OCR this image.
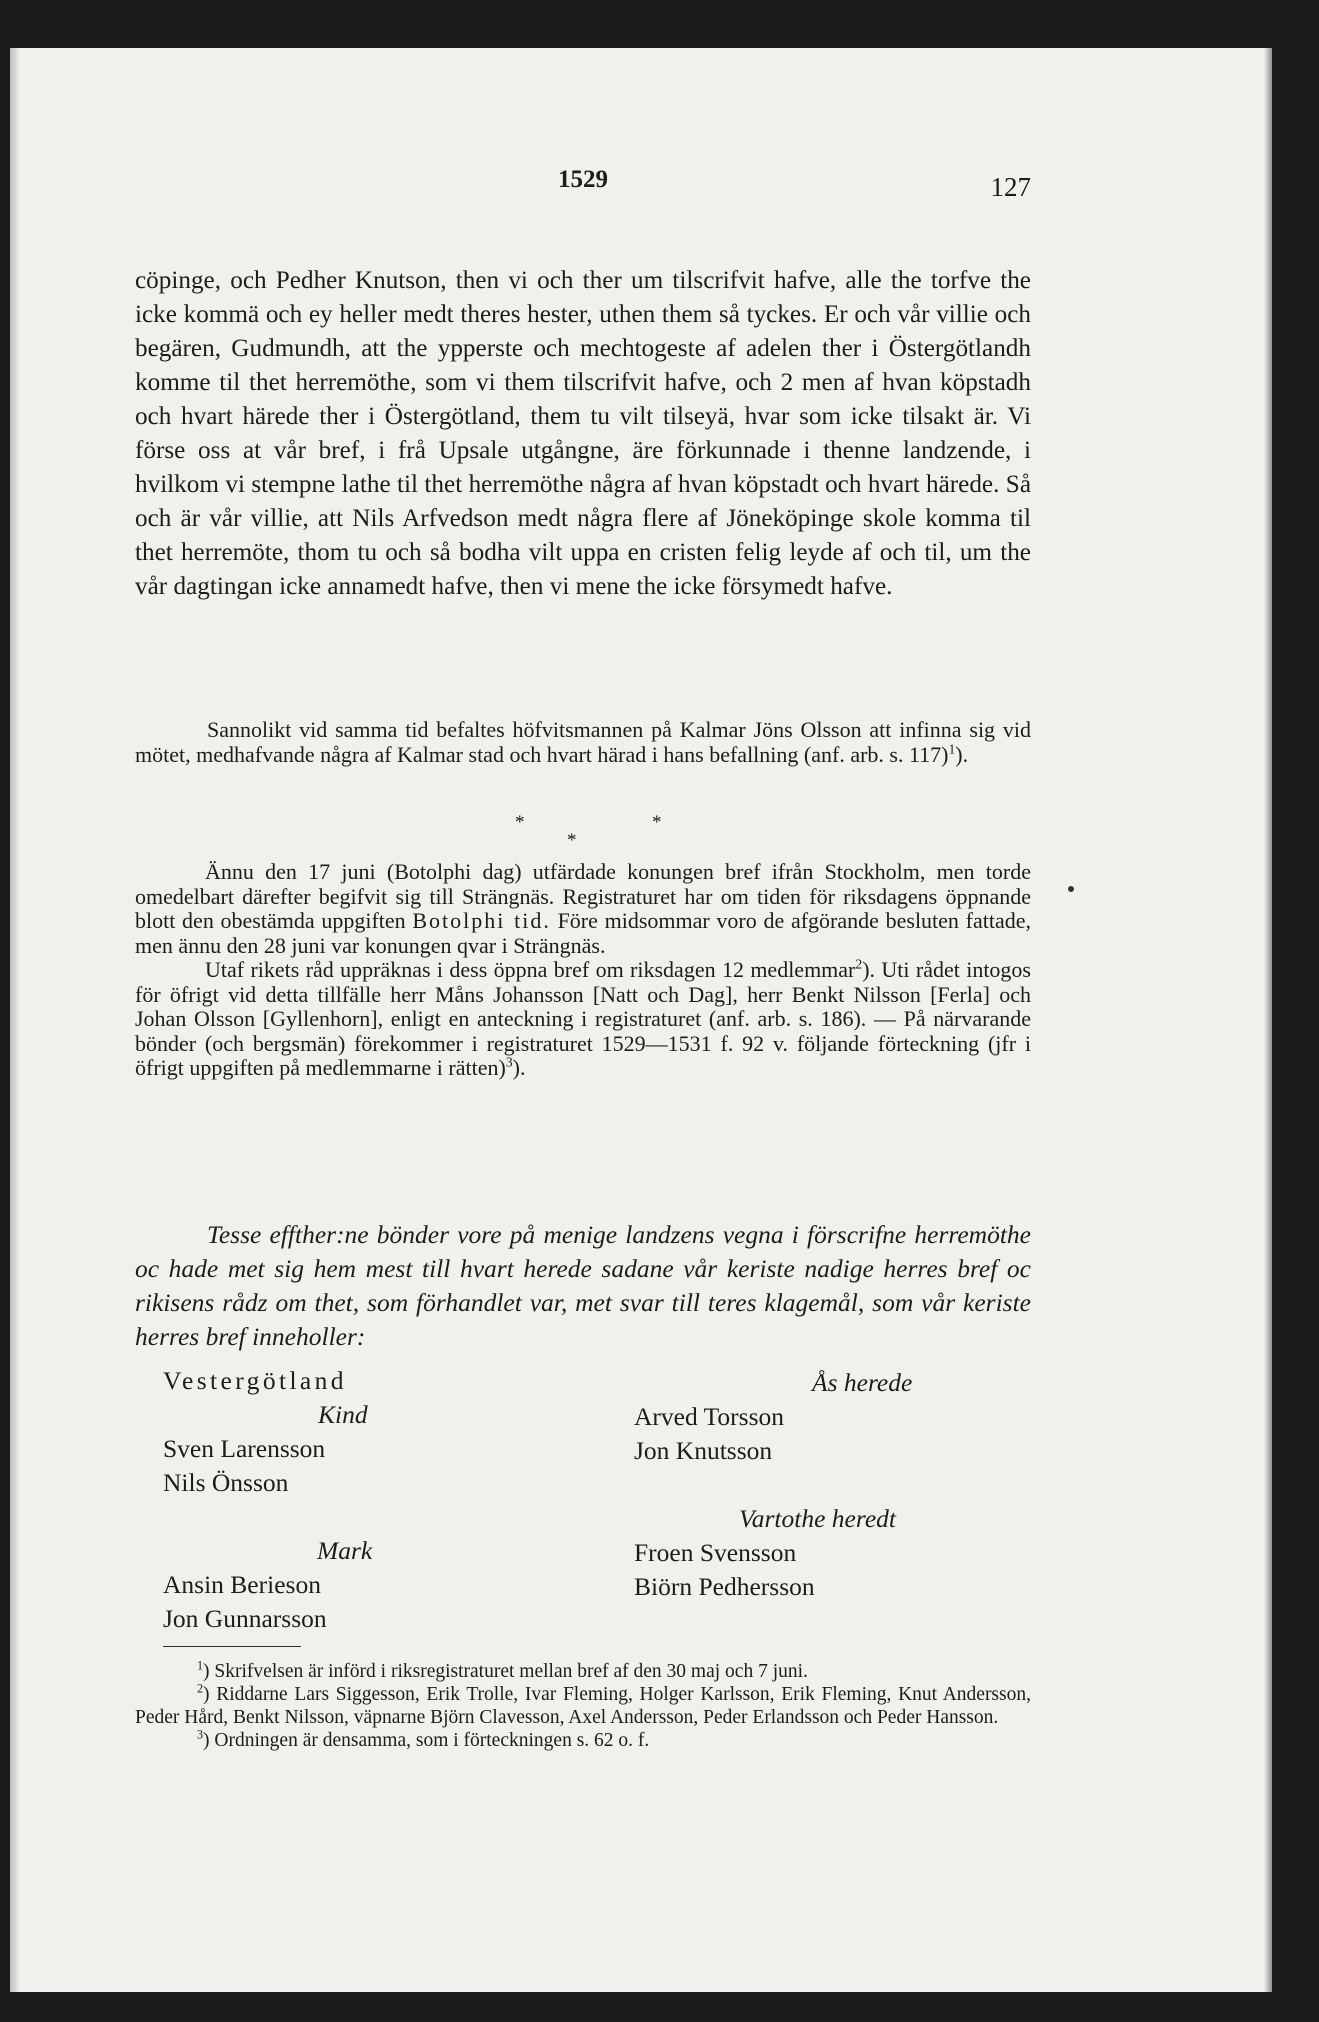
1529	127

cöpinge, och Pedher Knutson, then vi och ther um tilscrifvit hafve, alle the torfve the icke kommä och ey heller medt theres hester, uthen them så tyckes. Er och vår villie och begären, Gudmundh, att the ypperste och mechtogeste af adelen ther i Östergötlandh komme til thet herremöthe, som vi them tilscrifvit hafve, och 2 men af hvan köpstadh och hvart härede ther i Östergötland, them tu vilt tilseyä, hvar som icke tilsakt är. Vi förse oss at vår bref, i frå Upsale utgångne, äre förkunnade i thenne landzende, i hvilkom vi stempne lathe til thet herremöthe några af hvan köpstadt och hvart härede. Så och är vår villie, att Nils Arfvedson medt några flere af Jöneköpinge skole komma til thet herremöte, thom tu och så bodha vilt uppa en cristen felig leyde af och til, um the vår dagtingan icke annamedt hafve, then vi mene the icke försymedt hafve.

Sannolikt vid samma tid befaltes höfvitsmannen på Kalmar Jöns Olsson att infinna sig vid mötet, medhafvande några af Kalmar stad och hvart härad i hans befallning (anf. arb. s. 117)$^1$).

*
*
*

Ännu den 17 juni (Botolphi dag) utfärdade konungen bref ifrån Stockholm, men torde omedelbart därefter begifvit sig till Strängnäs. Registraturet har om tiden för riksdagens öppnande blott den obestämda uppgiften Botolphi tid. Före midsommar voro de afgörande besluten fattade, men ännu den 28 juni var konungen qvar i Strängnäs.

Utaf rikets råd uppräknas i dess öppna bref om riksdagen 12 medlemmar$^2$). Uti rådet intogos för öfrigt vid detta tillfälle herr Måns Johansson [Natt och Dag], herr Benkt Nilsson [Ferla] och Johan Olsson [Gyllenhorn], enligt en anteckning i registraturet (anf. arb. s. 186). — På närvarande bönder (och bergsmän) förekommer i registraturet 1529—1531 f. 92 v. följande förteckning (jfr i öfrigt uppgiften på medlemmarne i rätten)$^3$).

Tesse effther:ne bönder vore på menige landzens vegna i förscrifne herremöthe oc hade met sig hem mest till hvart herede sadane vår keriste nadige herres bref oc rikisens rådz om thet, som förhandlet var, met svar till teres klagemål, som vår keriste herres bref inneholler:

Vestergötland
Kind
Sven Larensson
Nils Önsson
Mark
Ansin Berieson
Jon Gunnarsson
Ås herede
Arved Torsson
Jon Knutsson
Vartothe heredt
Froen Svensson
Biörn Pedhersson

$^1$) Skrifvelsen är införd i riksregistraturet mellan bref af den 30 maj och 7 juni.

$^2$) Riddarne Lars Siggesson, Erik Trolle, Ivar Fleming, Holger Karlsson, Erik Fleming, Knut Andersson, Peder Hård, Benkt Nilsson, väpnarne Björn Clavesson, Axel Andersson, Peder Erlandsson och Peder Hansson.

$^3$) Ordningen är densamma, som i förteckningen s. 62 o. f.
